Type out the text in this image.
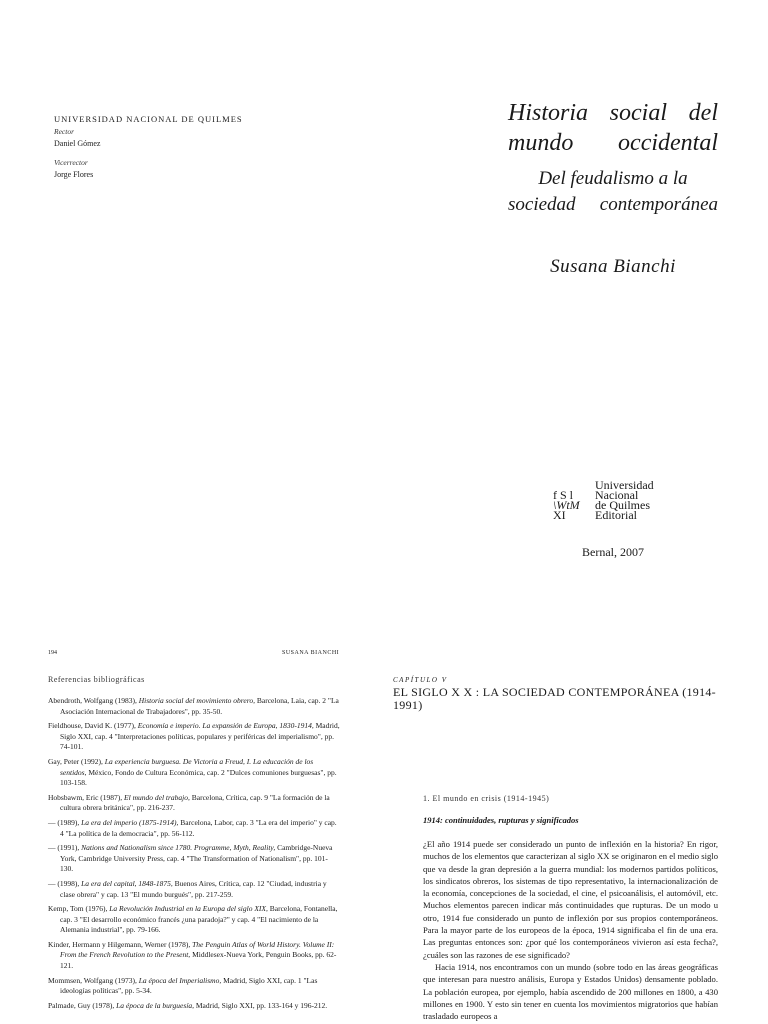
UNIVERSIDAD NACIONAL DE QUILMES
Rector
Daniel Gómez
Vicerrector
Jorge Flores
Historia social del
mundo occidental
Del feudalismo a la
sociedad contemporánea
Susana Bianchi
f S l
\WtM
XI
Universidad
Nacional
de Quilmes
Editorial
Bernal, 2007
194	SUSANA BIANCHI
Referencias bibliográficas

Abendroth, Wolfgang (1983), Historia social del movimiento obrero, Barcelona, Laia, cap. 2 "La Asociación Internacional de Trabajadores", pp. 35-50.

Fieldhouse, David K. (1977), Economía e imperio. La expansión de Europa, 1830-1914, Madrid, Siglo XXI, cap. 4 "Interpretaciones políticas, populares y periféricas del imperialismo", pp. 74-101.

Gay, Peter (1992), La experiencia burguesa. De Victoria a Freud, I. La educación de los sentidos, México, Fondo de Cultura Económica, cap. 2 "Dulces comuniones burguesas", pp. 103-158.

Hobsbawm, Eric (1987), El mundo del trabajo, Barcelona, Crítica, cap. 9 "La formación de la cultura obrera británica", pp. 216-237.

— (1989), La era del imperio (1875-1914), Barcelona, Labor, cap. 3 "La era del imperio" y cap. 4 "La política de la democracia", pp. 56-112.

— (1991), Nations and Nationalism since 1780. Programme, Myth, Reality, Cambridge-Nueva York, Cambridge University Press, cap. 4 "The Transformation of Nationalism", pp. 101-130.

— (1998), La era del capital, 1848-1875, Buenos Aires, Crítica, cap. 12 "Ciudad, industria y clase obrera" y cap. 13 "El mundo burgués", pp. 217-259.

Kemp, Tom (1976), La Revolución Industrial en la Europa del siglo XIX, Barcelona, Fontanella, cap. 3 "El desarrollo económico francés ¿una paradoja?" y cap. 4 "El nacimiento de la Alemania industrial", pp. 79-166.

Kinder, Hermann y Hilgemann, Werner (1978), The Penguin Atlas of World History. Volume II: From the French Revolution to the Present, Middlesex-Nueva York, Penguin Books, pp. 62-121.

Mommsen, Wolfgang (1973), La época del Imperialismo, Madrid, Siglo XXI, cap. 1 "Las ideologías políticas", pp. 5-34.

Palmade, Guy (1978), La época de la burguesía, Madrid, Siglo XXI, pp. 133-164 y 196-212.

CAPÍTULO V
EL SIGLO X X : LA SOCIEDAD CONTEMPORÁNEA (1914-1991)
1. El mundo en crisis (1914-1945)
1914: continuidades, rupturas y significados

¿El año 1914 puede ser considerado un punto de inflexión en la historia? En rigor, muchos de los elementos que caracterizan al siglo XX se originaron en el medio siglo que va desde la gran depresión a la guerra mundial: los modernos partidos políticos, los sindicatos obreros, los sistemas de tipo representativo, la internacionalización de la economía, concepciones de la sociedad, el cine, el psicoanálisis, el automóvil, etc. Muchos elementos parecen indicar más continuidades que rupturas. De un modo u otro, 1914 fue considerado un punto de inflexión por sus propios contemporáneos. Para la mayor parte de los europeos de la época, 1914 significaba el fin de una era. Las preguntas entonces son: ¿por qué los contemporáneos vivieron así esta fecha?, ¿cuáles son las razones de ese significado?

Hacia 1914, nos encontramos con un mundo (sobre todo en las áreas geográficas que interesan para nuestro análisis, Europa y Estados Unidos) densamente poblado. La población europea, por ejemplo, había ascendido de 200 millones en 1800, a 430 millones en 1900. Y esto sin tener en cuenta los movimientos migratorios que habían trasladado europeos a
